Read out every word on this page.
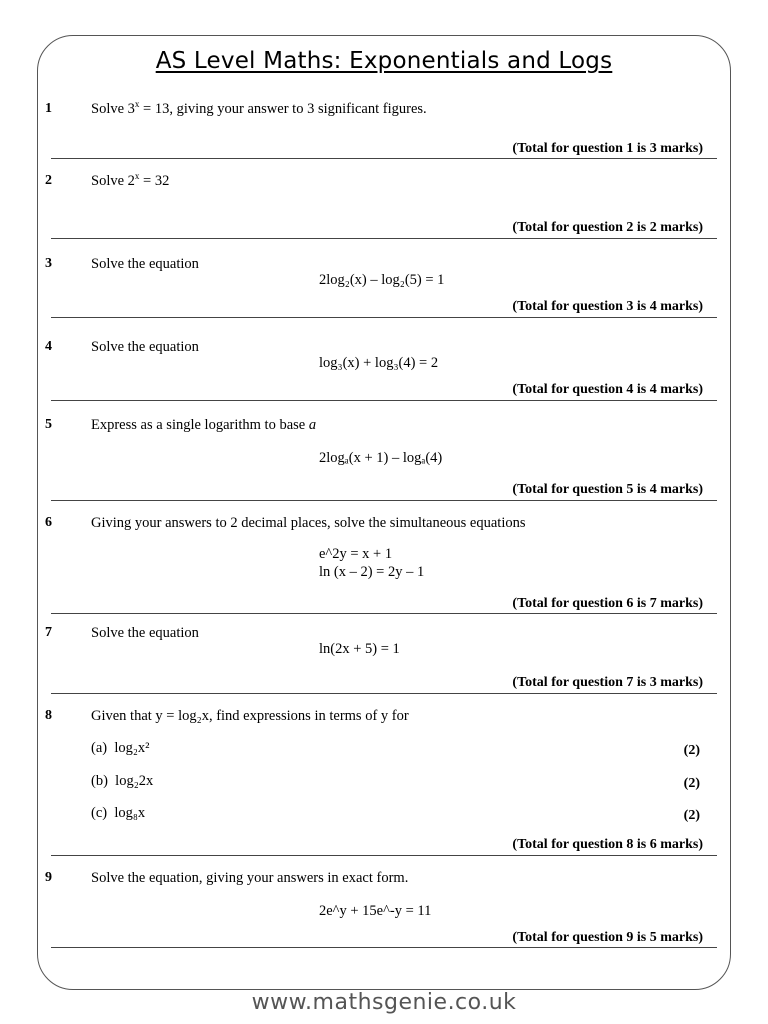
AS Level Maths: Exponentials and Logs
1	Solve $3^x = 13$, giving your answer to 3 significant figures.
(Total for question 1 is 3 marks)
2	Solve $2^x = 32$
(Total for question 2 is 2 marks)
3	Solve the equation
2log₂(x) – log₂(5) = 1
(Total for question 3 is 4 marks)
4	Solve the equation
log₃(x) + log₃(4) = 2
(Total for question 4 is 4 marks)
5	Express as a single logarithm to base a
2logₐ(x + 1) – logₐ(4)
(Total for question 5 is 4 marks)
6	Giving your answers to 2 decimal places, solve the simultaneous equations
e^2y = x + 1
ln (x – 2) = 2y – 1
(Total for question 6 is 7 marks)
7	Solve the equation
ln(2x + 5) = 1
(Total for question 7 is 3 marks)
8	Given that y = log₂x, find expressions in terms of y for
(a) log₂x²	(2)
(b) log₂2x	(2)
(c) log₈x	(2)
(Total for question 8 is 6 marks)
9	Solve the equation, giving your answers in exact form.
2e^y + 15e^-y = 11
(Total for question 9 is 5 marks)
www.mathsgenie.co.uk
